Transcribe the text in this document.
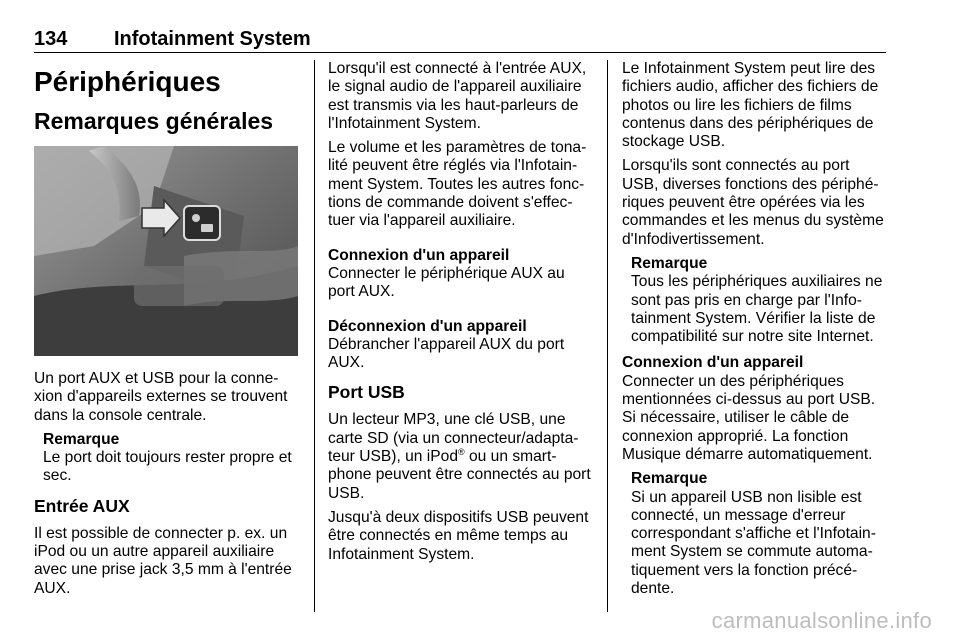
134 Infotainment System
Périphériques
Remarques générales

Un port AUX et USB pour la conne-xion d'appareils externes se trouvent dans la console centrale.

Remarque
Le port doit toujours rester propre et sec.
Entrée AUX

Il est possible de connecter p. ex. un iPod ou un autre appareil auxiliaire avec une prise jack 3,5 mm à l'entrée AUX.

Lorsqu'il est connecté à l'entrée AUX, le signal audio de l'appareil auxiliaire est transmis via les haut-parleurs de l'Infotainment System.

Le volume et les paramètres de tona-lité peuvent être réglés via l'Infotain-ment System. Toutes les autres fonc-tions de commande doivent s'effec-tuer via l'appareil auxiliaire.

Connexion d'un appareil

Connecter le périphérique AUX au port AUX.

Déconnexion d'un appareil

Débrancher l'appareil AUX du port AUX.

Port USB

Un lecteur MP3, une clé USB, une carte SD (via un connecteur/adapta-teur USB), un iPod® ou un smart-phone peuvent être connectés au port USB.

Jusqu'à deux dispositifs USB peuvent être connectés en même temps au Infotainment System.

Le Infotainment System peut lire des fichiers audio, afficher des fichiers de photos ou lire les fichiers de films contenus dans des périphériques de stockage USB.

Lorsqu'ils sont connectés au port USB, diverses fonctions des périphé-riques peuvent être opérées via les commandes et les menus du système d'Infodivertissement.

Remarque
Tous les périphériques auxiliaires ne sont pas pris en charge par l'Info-tainment System. Vérifier la liste de compatibilité sur notre site Internet.

Connexion d'un appareil

Connecter un des périphériques mentionnées ci-dessus au port USB. Si nécessaire, utiliser le câble de connexion approprié. La fonction Musique démarre automatiquement.

Remarque
Si un appareil USB non lisible est connecté, un message d'erreur correspondant s'affiche et l'Infotain-ment System se commute automa-tiquement vers la fonction précé-dente.
carmanualsonline.info
